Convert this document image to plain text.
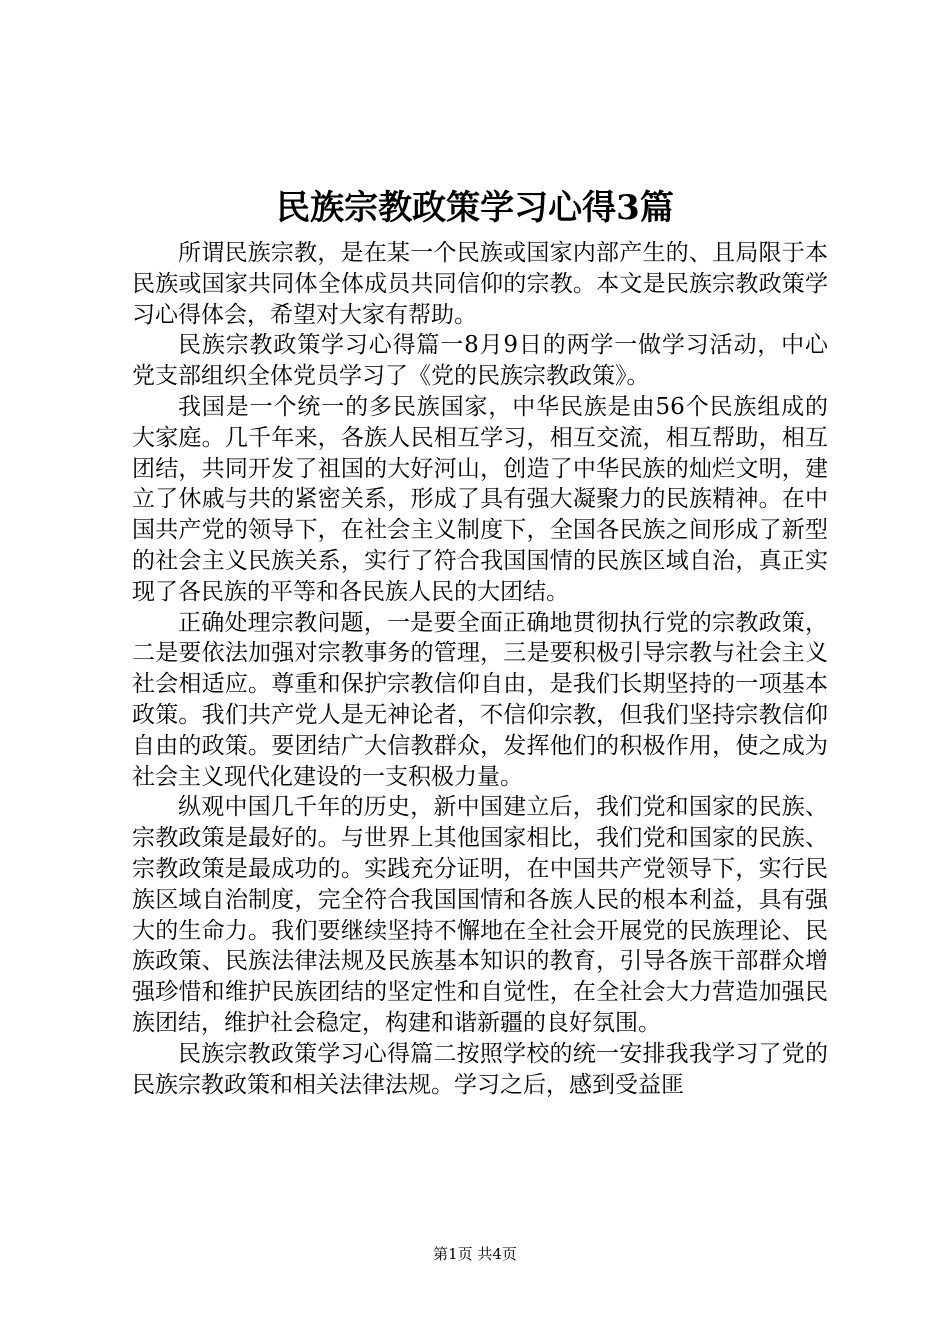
民族宗教政策学习心得3篇

所谓民族宗教，是在某一个民族或国家内部产生的、且局限于本民族或国家共同体全体成员共同信仰的宗教。本文是民族宗教政策学习心得体会，希望对大家有帮助。

民族宗教政策学习心得篇一8月9日的两学一做学习活动，中心党支部组织全体党员学习了《党的民族宗教政策》。

我国是一个统一的多民族国家，中华民族是由56个民族组成的大家庭。几千年来，各族人民相互学习，相互交流，相互帮助，相互团结，共同开发了祖国的大好河山，创造了中华民族的灿烂文明，建立了休戚与共的紧密关系，形成了具有强大凝聚力的民族精神。在中国共产党的领导下，在社会主义制度下，全国各民族之间形成了新型的社会主义民族关系，实行了符合我国国情的民族区域自治，真正实现了各民族的平等和各民族人民的大团结。

正确处理宗教问题，一是要全面正确地贯彻执行党的宗教政策，二是要依法加强对宗教事务的管理，三是要积极引导宗教与社会主义社会相适应。尊重和保护宗教信仰自由，是我们长期坚持的一项基本政策。我们共产党人是无神论者，不信仰宗教，但我们坚持宗教信仰自由的政策。要团结广大信教群众，发挥他们的积极作用，使之成为社会主义现代化建设的一支积极力量。

纵观中国几千年的历史，新中国建立后，我们党和国家的民族、宗教政策是最好的。与世界上其他国家相比，我们党和国家的民族、宗教政策是最成功的。实践充分证明，在中国共产党领导下，实行民族区域自治制度，完全符合我国国情和各族人民的根本利益，具有强大的生命力。我们要继续坚持不懈地在全社会开展党的民族理论、民族政策、民族法律法规及民族基本知识的教育，引导各族干部群众增强珍惜和维护民族团结的坚定性和自觉性，在全社会大力营造加强民族团结，维护社会稳定，构建和谐新疆的良好氛围。

民族宗教政策学习心得篇二按照学校的统一安排我我学习了党的民族宗教政策和相关法律法规。学习之后，感到受益匪

第1页 共4页
